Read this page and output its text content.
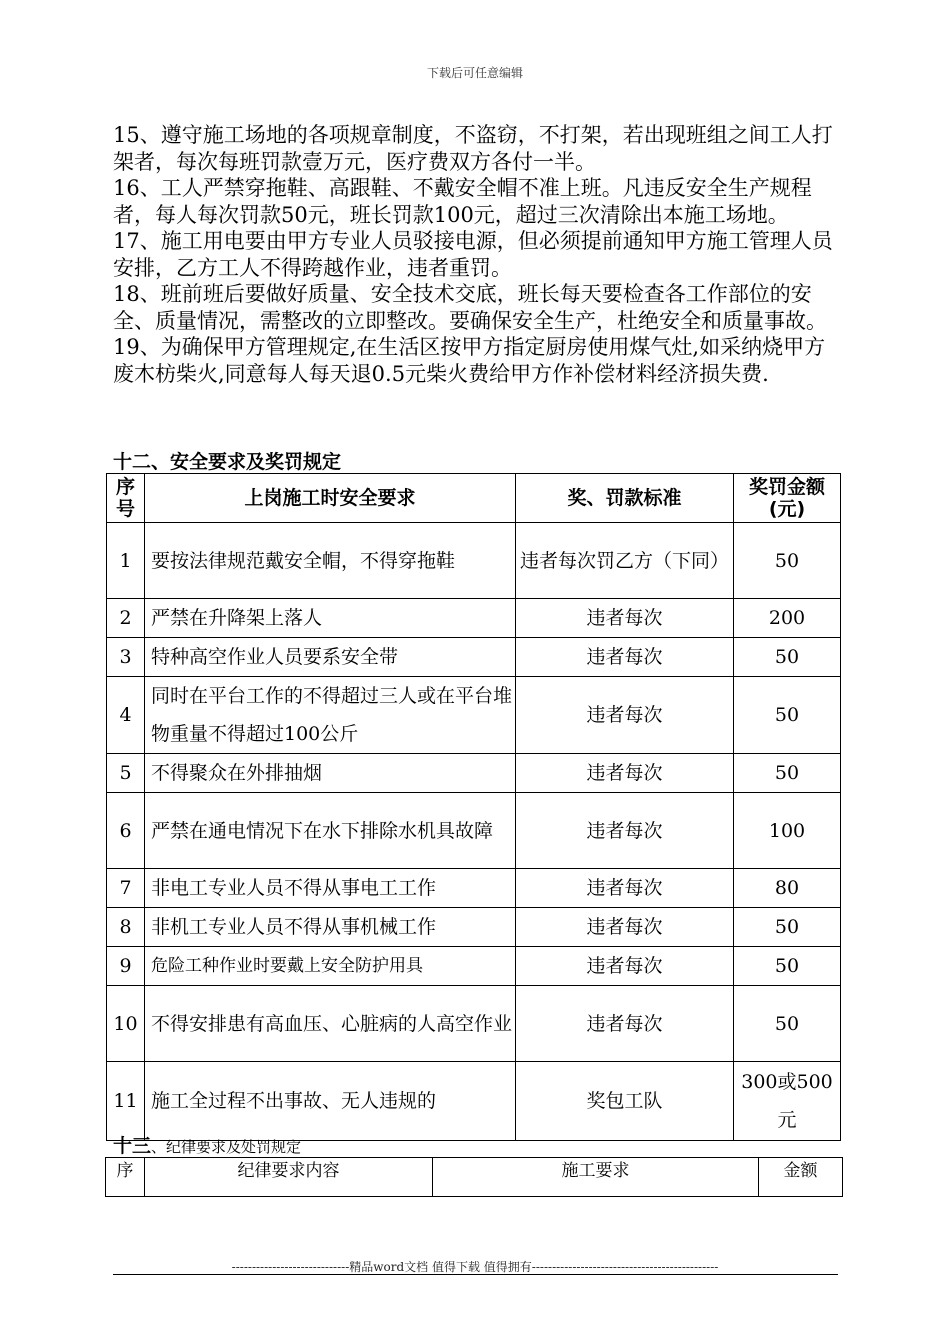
下载后可任意编辑

15、遵守施工场地的各项规章制度，不盗窃，不打架，若出现班组之间工人打架者，每次每班罚款壹万元，医疗费双方各付一半。

16、工人严禁穿拖鞋、高跟鞋、不戴安全帽不准上班。凡违反安全生产规程者，每人每次罚款50元，班长罚款100元，超过三次清除出本施工场地。

17、施工用电要由甲方专业人员驳接电源，但必须提前通知甲方施工管理人员安排，乙方工人不得跨越作业，违者重罚。

18、班前班后要做好质量、安全技术交底，班长每天要检查各工作部位的安全、质量情况，需整改的立即整改。要确保安全生产，杜绝安全和质量事故。

19、为确保甲方管理规定,在生活区按甲方指定厨房使用煤气灶,如采纳烧甲方废木枋柴火,同意每人每天退0.5元柴火费给甲方作补偿材料经济损失费.

十二、安全要求及奖罚规定
序号	上岗施工时安全要求	奖、罚款标准	奖罚金额(元)
1	要按法律规范戴安全帽，不得穿拖鞋	违者每次罚乙方（下同）	50
2	严禁在升降架上落人	违者每次	200
3	特种高空作业人员要系安全带	违者每次	50
4	同时在平台工作的不得超过三人或在平台堆物重量不得超过100公斤	违者每次	50
5	不得聚众在外排抽烟	违者每次	50
6	严禁在通电情况下在水下排除水机具故障	违者每次	100
7	非电工专业人员不得从事电工工作	违者每次	80
8	非机工专业人员不得从事机械工作	违者每次	50
9	危险工种作业时要戴上安全防护用具	违者每次	50
10	不得安排患有高血压、心脏病的人高空作业	违者每次	50
11	施工全过程不出事故、无人违规的	奖包工队	300或500元
十三、纪律要求及处罚规定
序	纪律要求内容	施工要求	金额
-----------------------------精品word文档 值得下载 值得拥有----------------------------------------------
